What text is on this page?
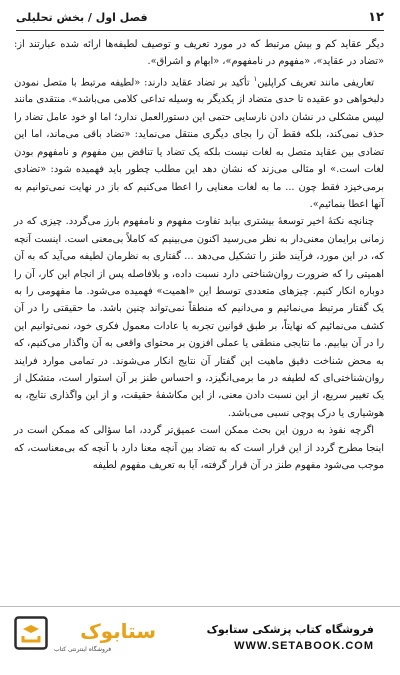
۱۲
فصل اول / بخش تحلیلی

دیگر عقاید کم و بیش مرتبط که در مورد تعریف و توصیف لطیفه‌ها ارائه شده عبارتند از: «تضاد در عقاید»، «مفهوم در نامفهوم»، «ابهام و اشراق».

تعاریفی مانند تعریف کراپلین$^۱$ تأکید بر تضاد عقاید دارند: «لطیفه مرتبط با متصل نمودن دلبخواهی دو عقیده تا حدی متضاد از یکدیگر به وسیله تداعی کلامی می‌باشد». منتقدی مانند لیپس مشکلی در نشان دادن نارسایی حتمی این دستورالعمل ندارد؛ اما او خود عامل تضاد را حذف نمی‌کند، بلکه فقط آن را بجای دیگری منتقل می‌نماید: «تضاد باقی می‌ماند، اما این تضادی بین عقاید متصل به لغات نیست بلکه یک تضاد یا تناقض بین مفهوم و نامفهوم بودن لغات است.» او مثالی می‌زند که نشان دهد این مطلب چطور باید فهمیده شود: «تضادی برمی‌خیزد فقط چون ... ما به لغات معنایی را اعطا می‌کنیم که باز در نهایت نمی‌توانیم به آنها اعطا بنمائیم».

چنانچه نکتهٔ اخیر توسعهٔ بیشتری بیابد تفاوت مفهوم و نامفهوم بارز می‌گردد. چیزی که در زمانی برایمان معنی‌دار به نظر می‌رسید اکنون می‌بینیم که کاملاً بی‌معنی است. اینست آنچه که، در این مورد، فرآیند طنز را تشکیل می‌دهد ... گفتاری به نظرمان لطیفه می‌آید که به آن اهمیتی را که ضرورت روان‌شناختی دارد نسبت داده، و بلافاصله پس از انجام این کار، آن را دوباره انکار کنیم. چیزهای متعددی توسط این «اهمیت» فهمیده می‌شود. ما مفهومی را به یک گفتار مرتبط می‌نمائیم و می‌دانیم که منطقاً نمی‌تواند چنین باشد. ما حقیقتی را در آن کشف می‌نمائیم که نهایتاً، بر طبق قوانین تجربه یا عادات معمول فکری خود، نمی‌توانیم این را در آن بیابیم. ما نتایجی منطقی یا عملی افزون بر محتوای واقعی به آن واگذار می‌کنیم، که به محض شناخت دقیق ماهیت این گفتار آن نتایج انکار می‌شوند. در تمامی موارد فرایند روان‌شناختی‌ای که لطیفه در ما برمی‌انگیزد، و احساس طنز بر آن استوار است، متشکل از یک تغییر سریع، از این نسبت دادن معنی، از این مکاشفهٔ حقیقت، و از این واگذاری نتایج، به هوشیاری یا درک پوچی نسبی می‌باشد.

اگرچه نفوذ به درون این بحث ممکن است عمیق‌تر گردد، اما سؤالی که ممکن است در اینجا مطرح گردد از این قرار است که به تضاد بین آنچه معنا دارد با آنچه که بی‌معناست، که موجب می‌شود مفهوم طنز در آن قرار گرفته، آیا به تعریف مفهوم لطیفه

ستابوک
فروشگاه اینترنتی کتاب
فروشگاه کتاب پزشکی ستابوک
WWW.SETABOOK.COM
